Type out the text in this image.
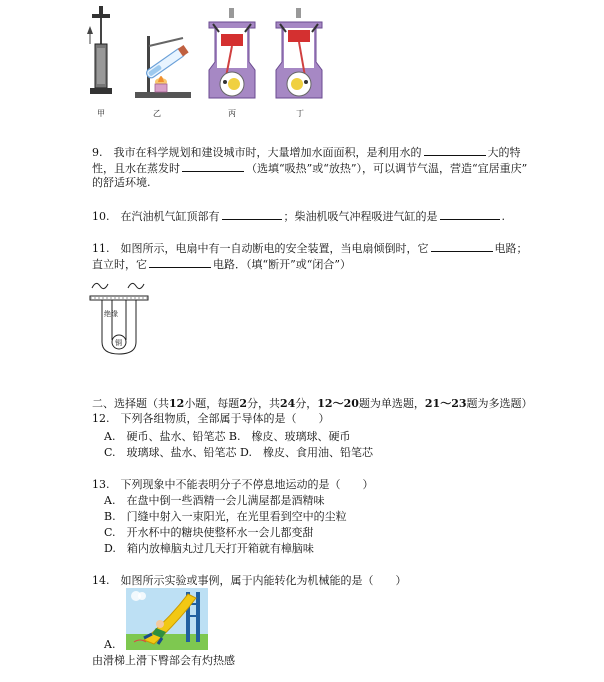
甲	乙	丙	丁
9.　我市在科学规划和建设城市时，大量增加水面面积，是利用水的	大的特
性，且水在蒸发时	（选填“吸热”或“放热”），可以调节气温，营造“宜居重庆”
的舒适环境.
10.　在汽油机气缸顶部有	；柴油机吸气冲程吸进气缸的是	.
11.　如图所示，电扇中有一自动断电的安全装置，当电扇倾倒时，它	电路；
直立时，它	电路．（填“断开”或“闭合”）
绝缘
铜
二、选择题（共12小题，每题2分，共24分，12～20题为单选题，21～23题为多选题）
12.　下列各组物质，全部属于导体的是（　　）
A.　硬币、盐水、铅笔芯 B.　橡皮、玻璃球、硬币
C.　玻璃球、盐水、铅笔芯 D.　橡皮、食用油、铅笔芯
13.　下列现象中不能表明分子不停息地运动的是（　　）
A.　在盘中倒一些酒精一会儿满屋都是酒精味
B.　门缝中射入一束阳光，在光里看到空中的尘粒
C.　开水杯中的糖块使整杯水一会儿都变甜
D.　箱内放樟脑丸过几天打开箱就有樟脑味
14.　如图所示实验或事例，属于内能转化为机械能的是（　　）
A.
由滑梯上滑下臀部会有灼热感
